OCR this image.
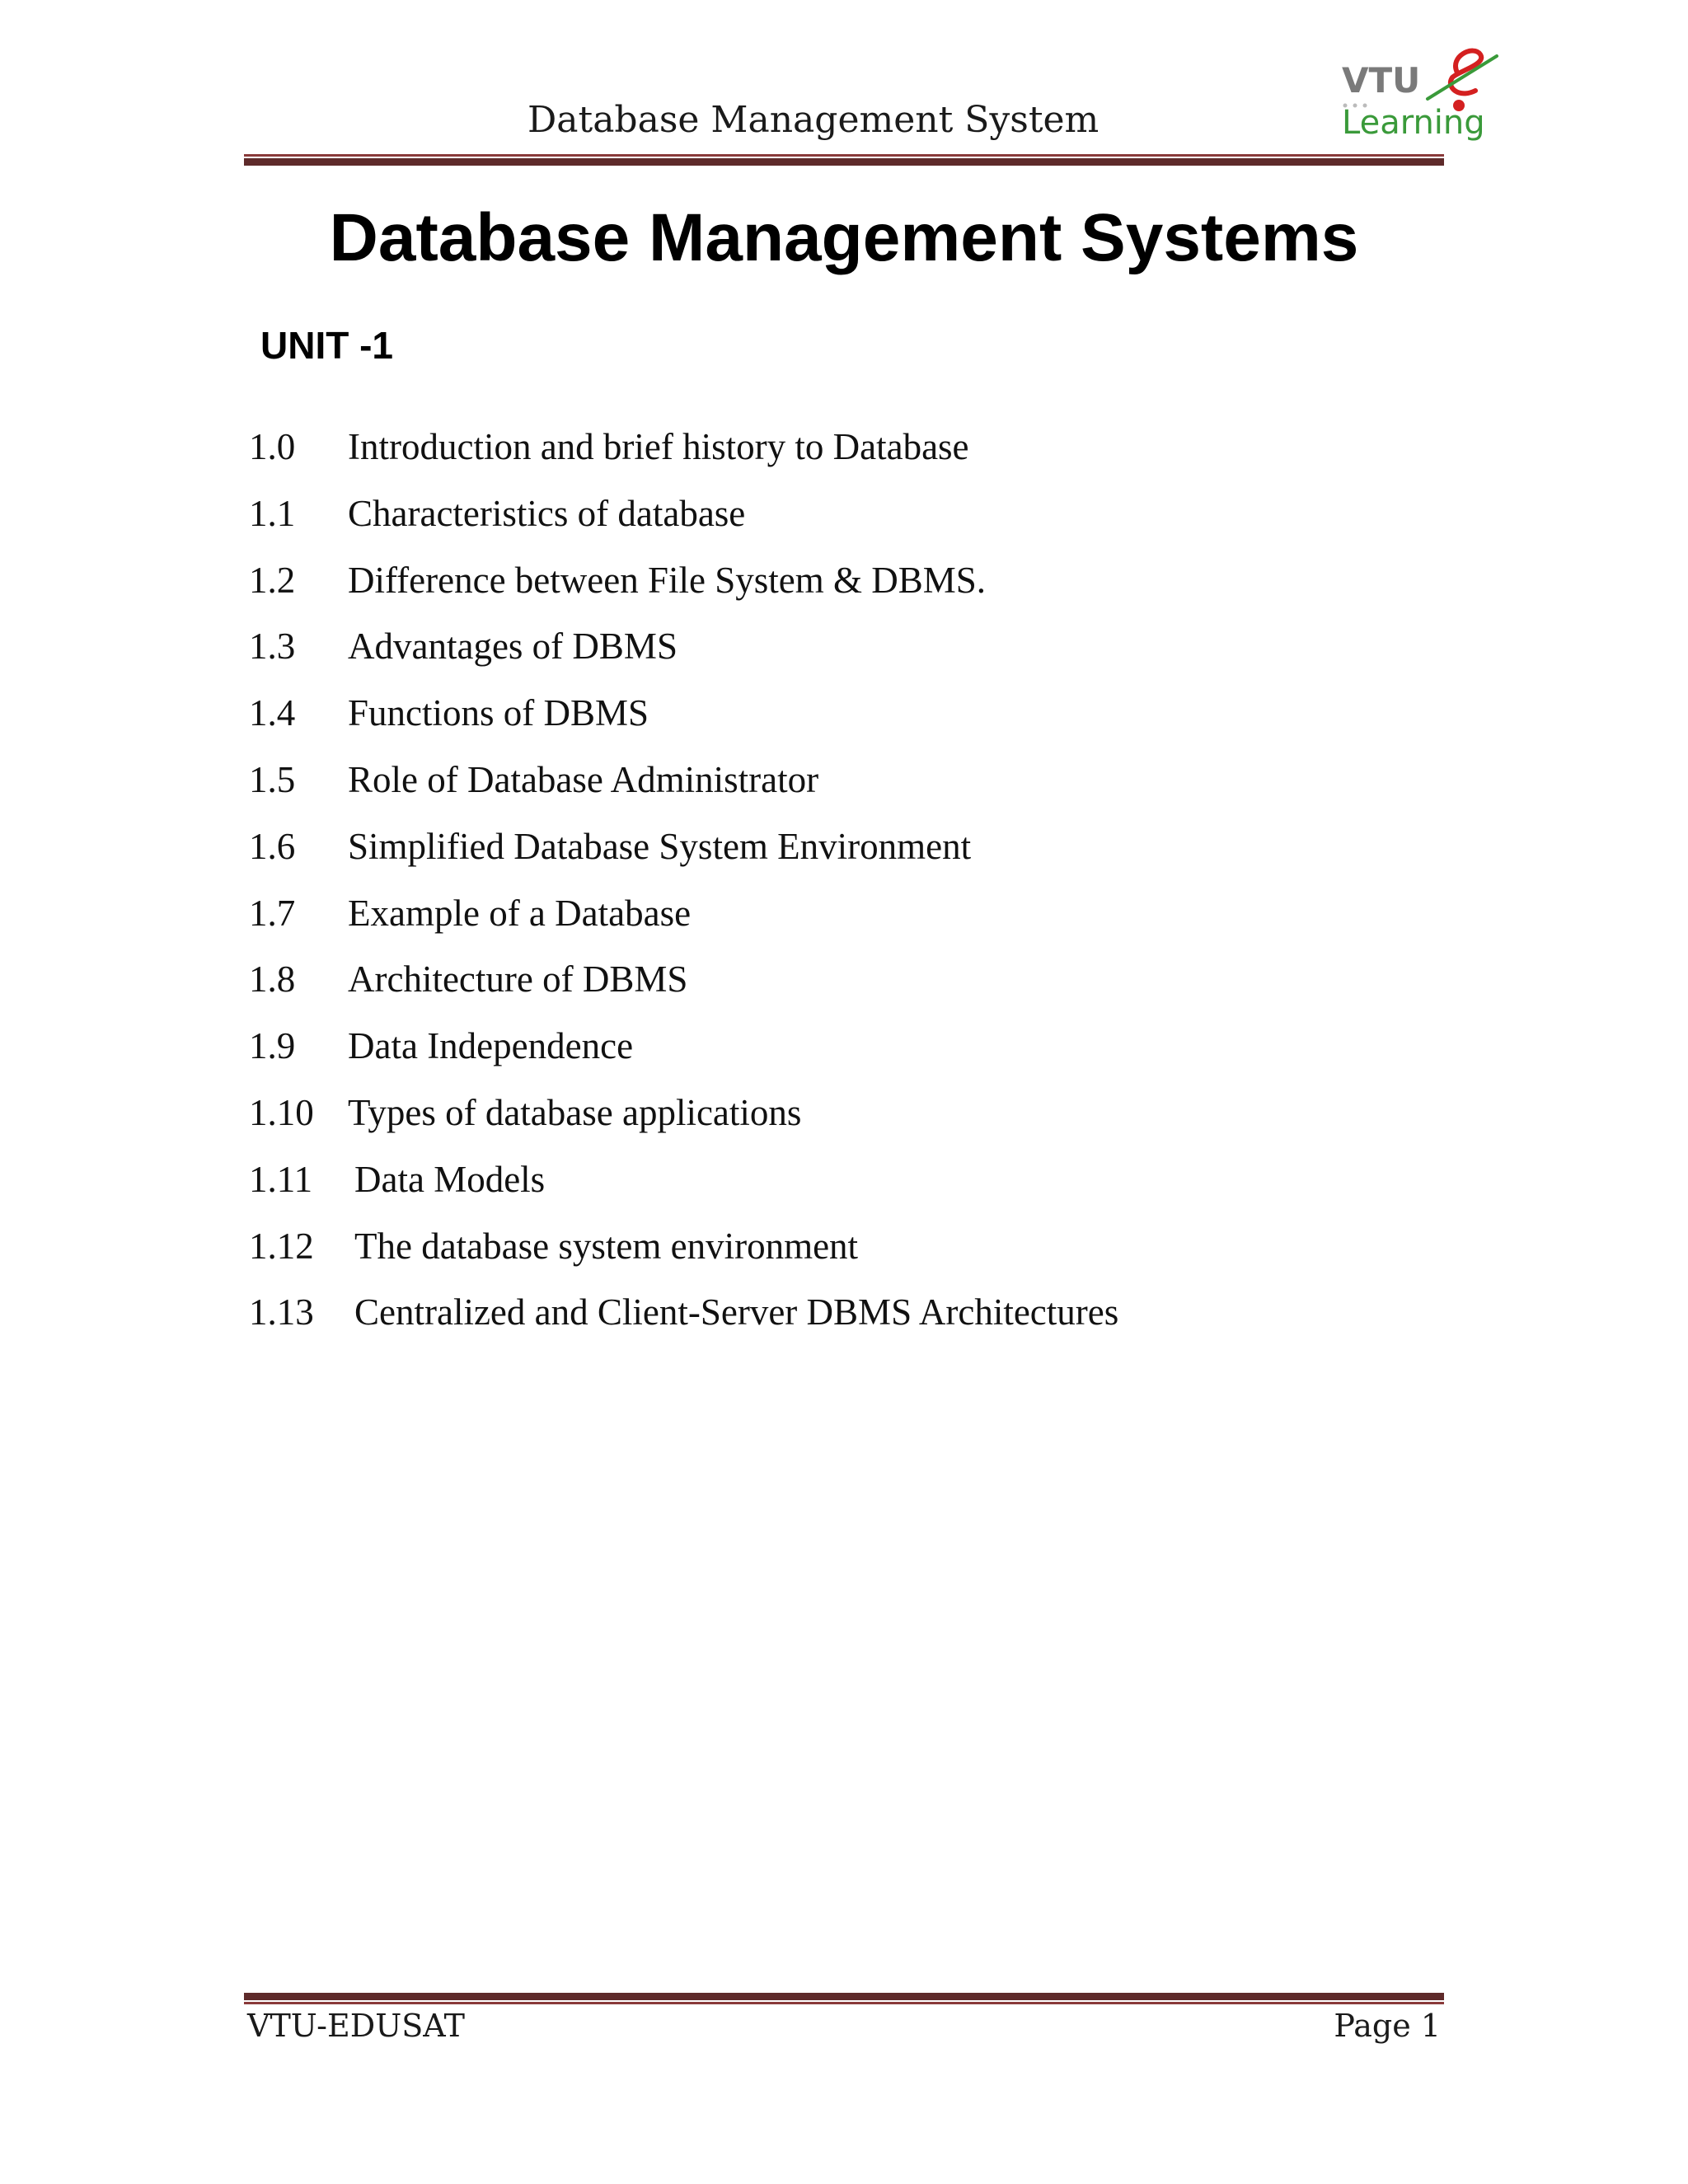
Database Management System
VTU
Learning
Database Management Systems
UNIT -1
1.0	Introduction and brief history to Database
1.1	Characteristics of database
1.2	Difference between File System & DBMS.
1.3	Advantages of DBMS
1.4	Functions of DBMS
1.5	Role of Database Administrator
1.6	Simplified Database System Environment
1.7	Example of a Database
1.8	Architecture of DBMS
1.9	Data Independence
1.10 Types of database applications
1.11	Data Models
1.12	The database system environment
1.13	Centralized and Client-Server DBMS Architectures
VTU-EDUSAT	Page 1
